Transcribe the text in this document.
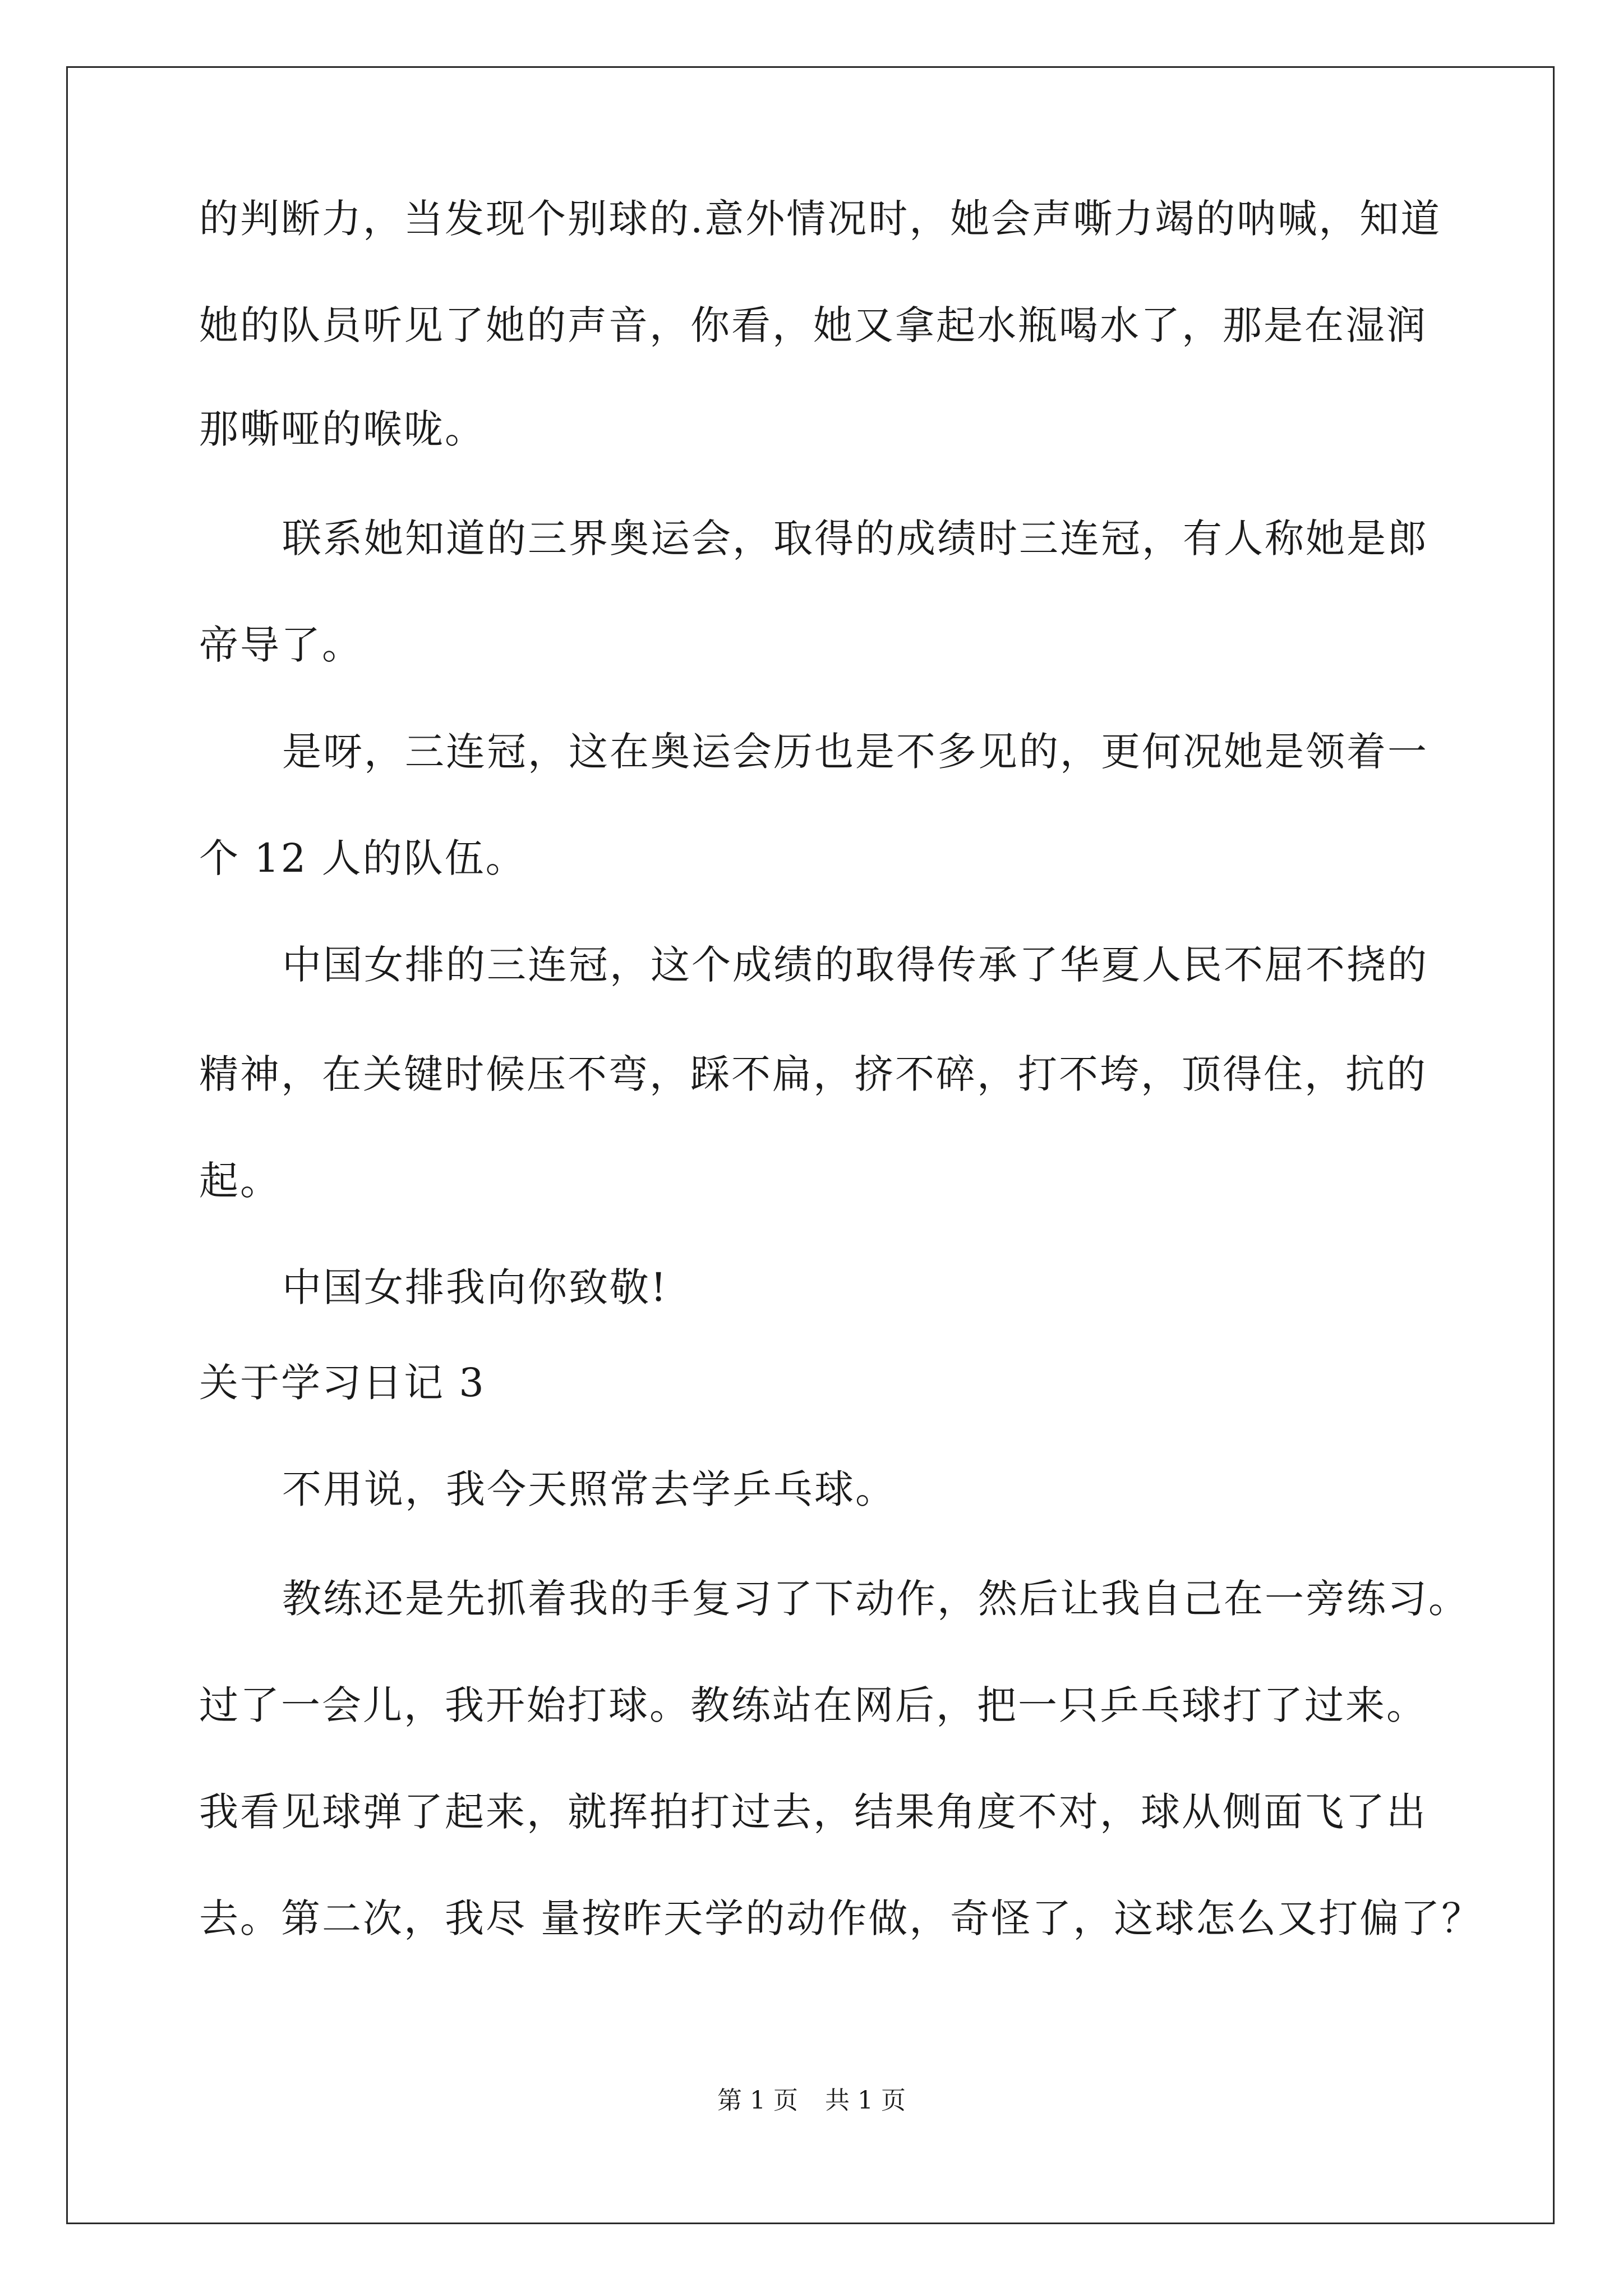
的判断力，当发现个别球的.意外情况时，她会声嘶力竭的呐喊，知道
她的队员听见了她的声音，你看，她又拿起水瓶喝水了，那是在湿润
那嘶哑的喉咙。
联系她知道的三界奥运会，取得的成绩时三连冠，有人称她是郎
帝导了。
是呀，三连冠，这在奥运会历也是不多见的，更何况她是领着一
个 12 人的队伍。
中国女排的三连冠，这个成绩的取得传承了华夏人民不屈不挠的
精神，在关键时候压不弯，踩不扁，挤不碎，打不垮，顶得住，抗的
起。
中国女排我向你致敬!
关于学习日记 3
不用说，我今天照常去学乒乓球。
教练还是先抓着我的手复习了下动作，然后让我自己在一旁练习。
过了一会儿，我开始打球。教练站在网后，把一只乒乓球打了过来。
我看见球弹了起来，就挥拍打过去，结果角度不对，球从侧面飞了出
去。第二次，我尽 量按昨天学的动作做，奇怪了，这球怎么又打偏了？
第 1 页 共 1 页
